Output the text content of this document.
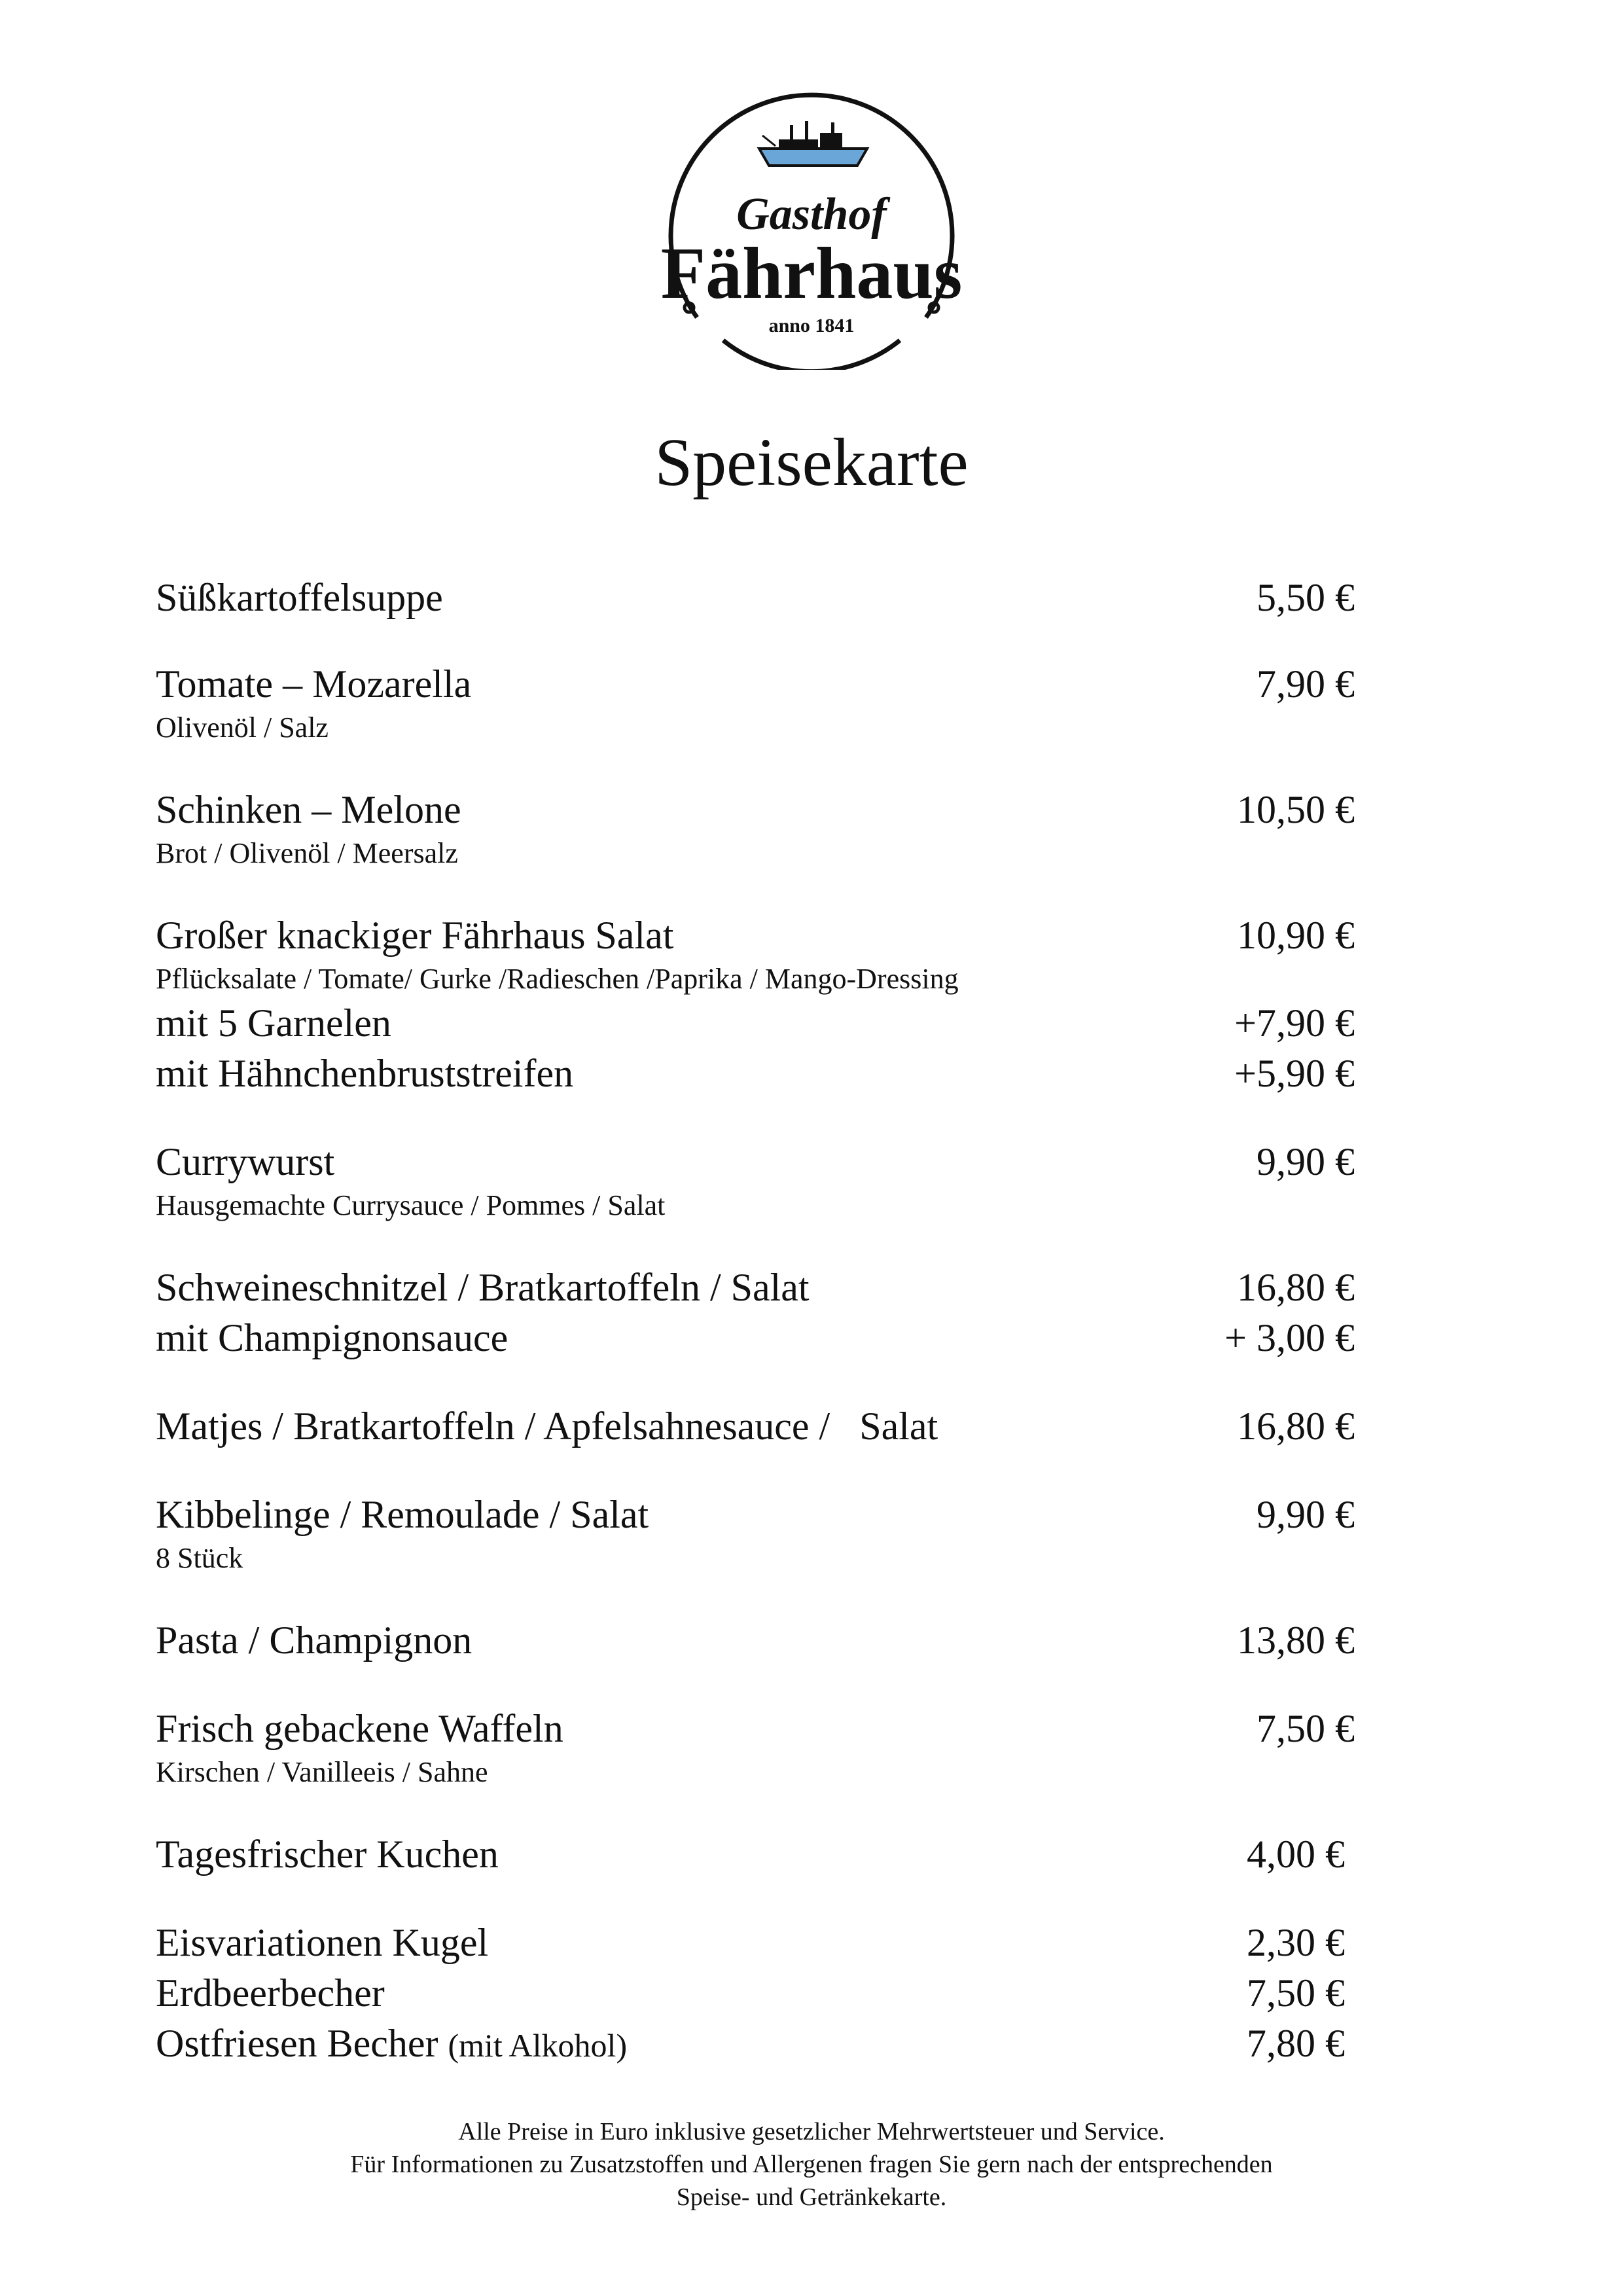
Gasthof
Fährhaus
anno 1841
Speisekarte
Süßkartoffelsuppe	5,50 €
Tomate – Mozarella	7,90 €
Olivenöl / Salz
Schinken – Melone	10,50 €
Brot / Olivenöl / Meersalz
Großer knackiger Fährhaus Salat	10,90 €
Pflücksalate / Tomate/ Gurke /Radieschen /Paprika / Mango-Dressing
mit 5 Garnelen	+7,90 €
mit Hähnchenbruststreifen	+5,90 €
Currywurst	9,90 €
Hausgemachte Currysauce / Pommes / Salat
Schweineschnitzel / Bratkartoffeln / Salat	16,80 €
mit Champignonsauce	+ 3,00 €
Matjes / Bratkartoffeln / Apfelsahnesauce /   Salat	16,80 €
Kibbelinge / Remoulade / Salat	9,90 €
8 Stück
Pasta / Champignon	13,80 €
Frisch gebackene Waffeln	7,50 €
Kirschen / Vanilleeis / Sahne
Tagesfrischer Kuchen	4,00 €
Eisvariationen Kugel	2,30 €
Erdbeerbecher	7,50 €
Ostfriesen Becher (mit Alkohol)	7,80 €
Alle Preise in Euro inklusive gesetzlicher Mehrwertsteuer und Service.
Für Informationen zu Zusatzstoffen und Allergenen fragen Sie gern nach der entsprechenden
Speise- und Getränkekarte.
